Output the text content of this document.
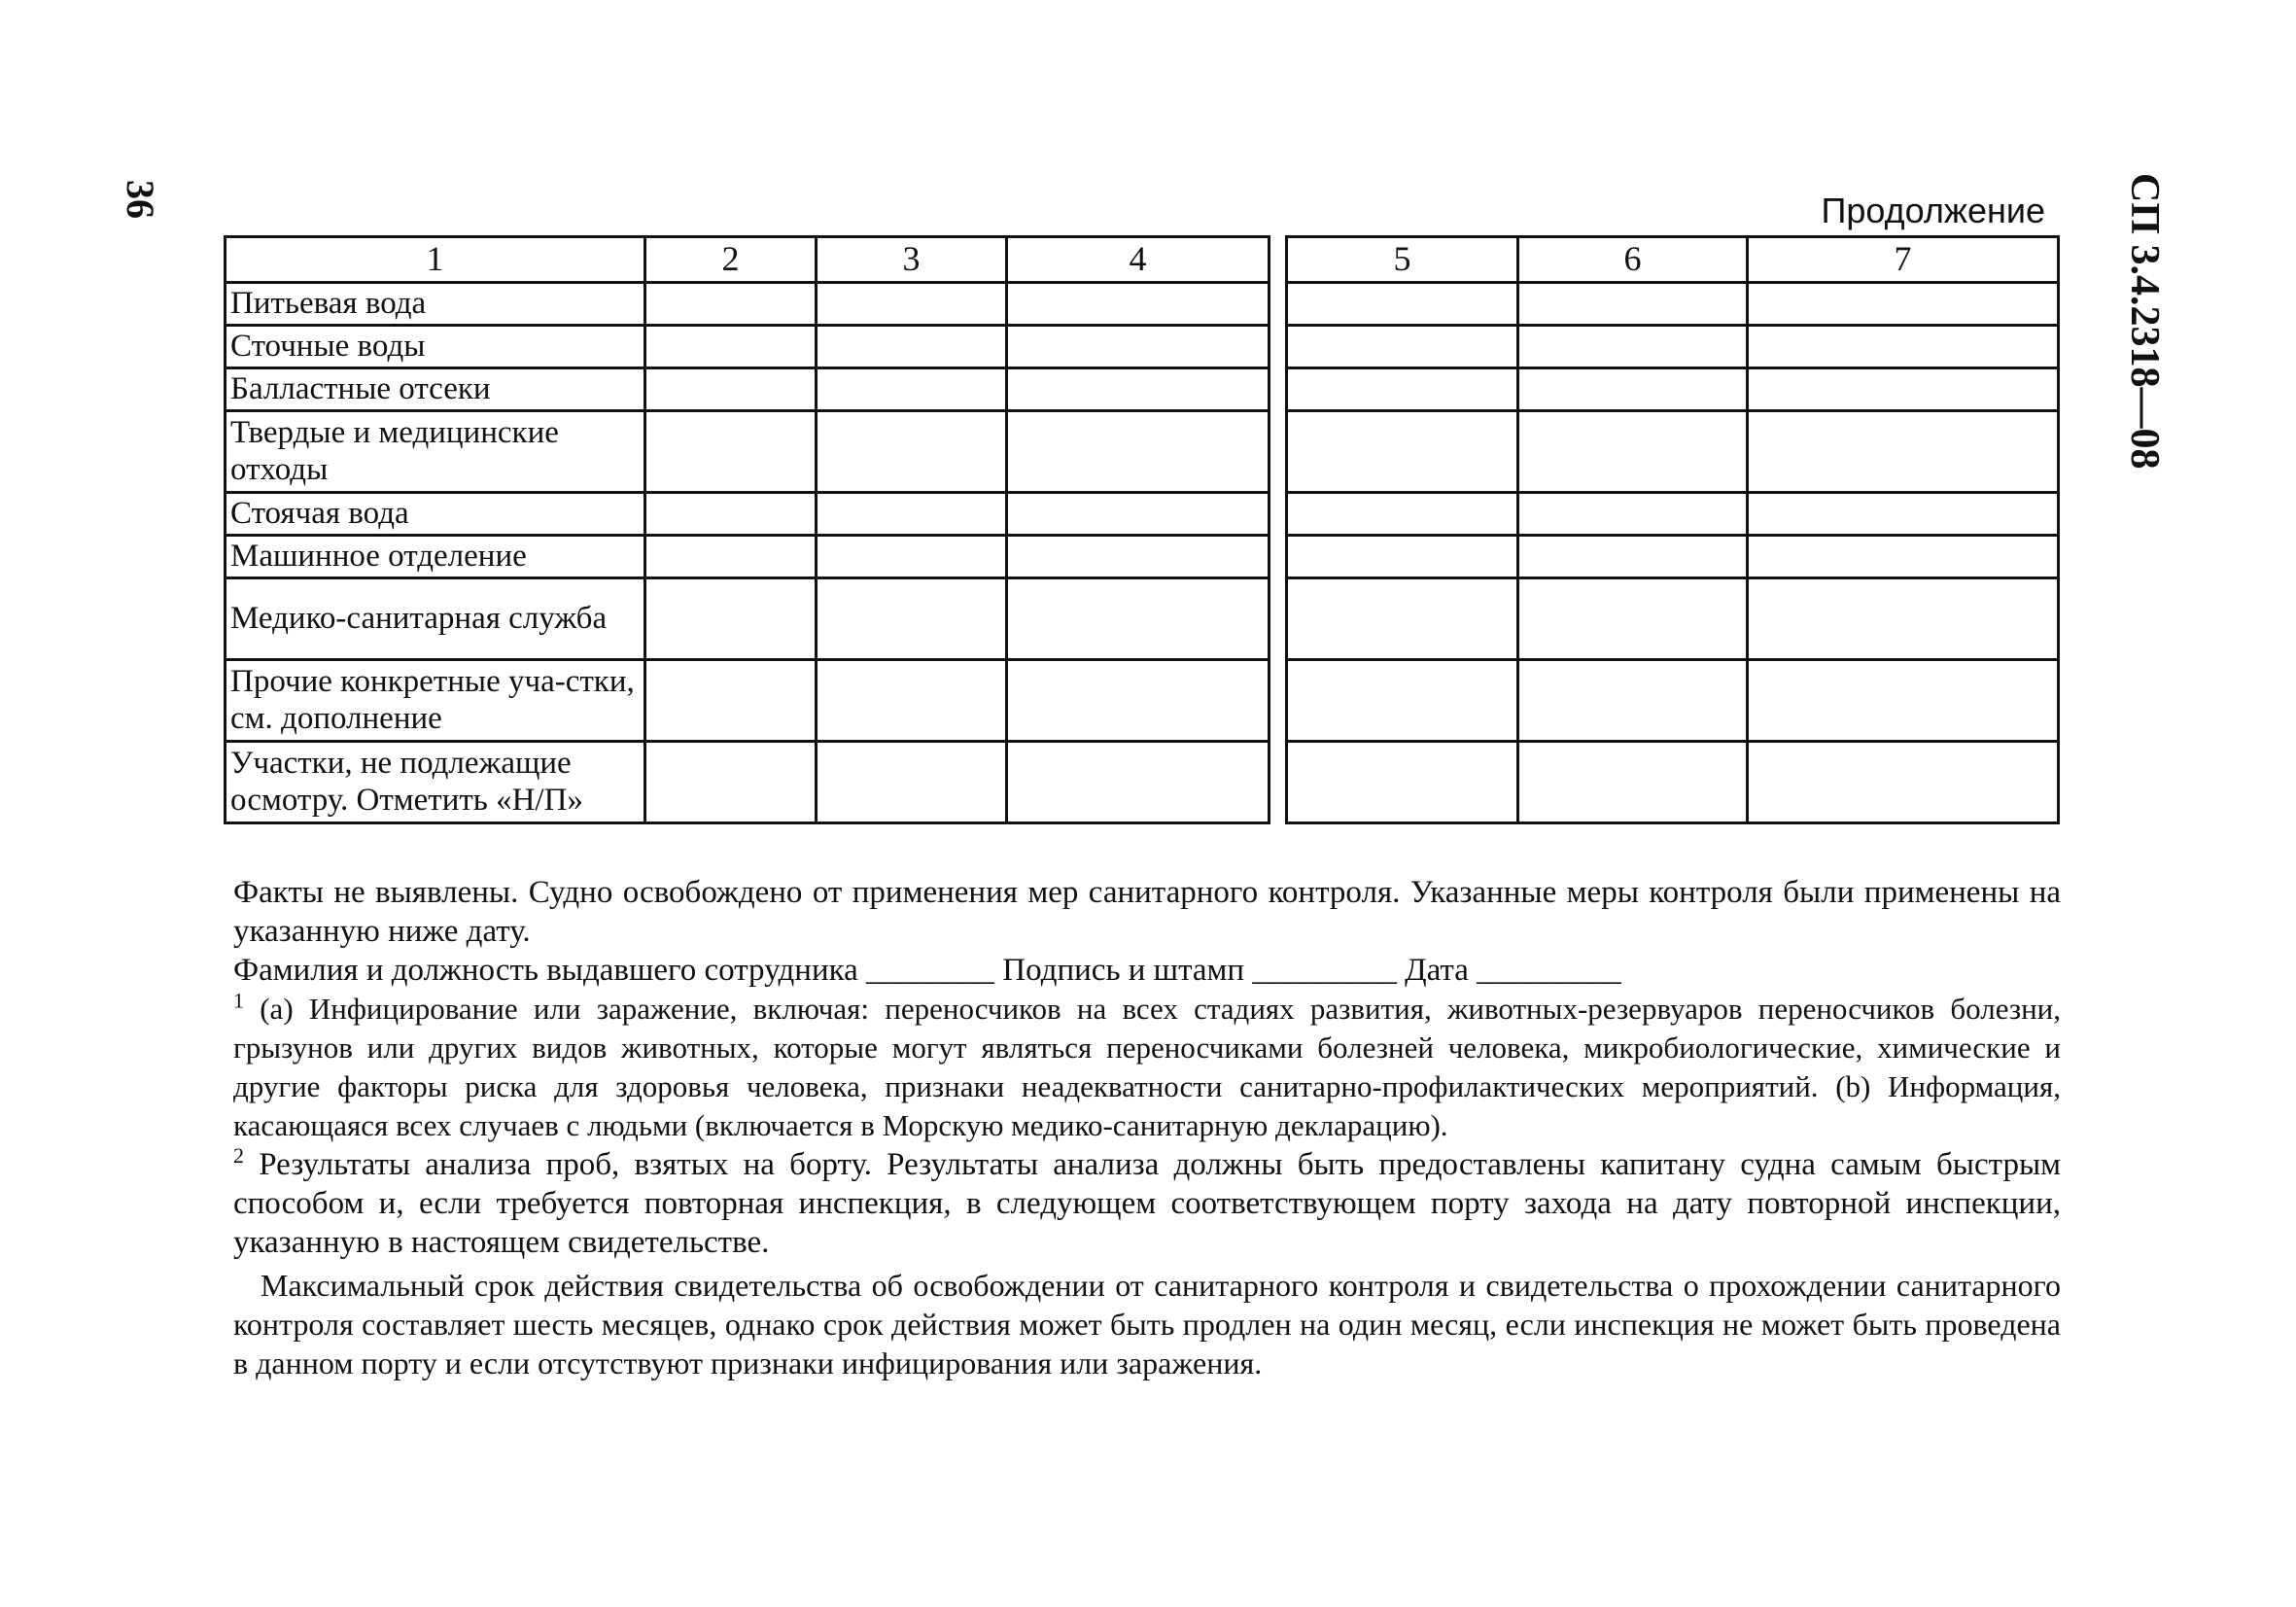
36	СП 3.4.2318—08
Продолжение
1	2	3	4		5	6	7
Питьевая вода							
Сточные воды							
Балластные отсеки							
Твердые и медицинские отходы							
Стоячая вода							
Машинное отделение							
Медико-санитарная служба							
Прочие конкретные уча-стки, см. дополнение							
Участки, не подлежащие осмотру. Отметить «Н/П»							

Факты не выявлены. Судно освобождено от применения мер санитарного контроля. Указанные меры контроля были применены на указанную ниже дату.

Фамилия и должность выдавшего сотрудника ________ Подпись и штамп _________ Дата _________

$^1$ (а) Инфицирование или заражение, включая: переносчиков на всех стадиях развития, животных-резервуаров переносчиков болезни, грызунов или других видов животных, которые могут являться переносчиками болезней человека, микробиологические, химические и другие факторы риска для здоровья человека, признаки неадекватности санитарно-профилактических мероприятий. (b) Информация, касающаяся всех случаев с людьми (включается в Морскую медико-санитарную декларацию).

$^2$ Результаты анализа проб, взятых на борту. Результаты анализа должны быть предоставлены капитану судна самым быстрым способом и, если требуется повторная инспекция, в следующем соответствующем порту захода на дату повторной инспекции, указанную в настоящем свидетельстве.

Максимальный срок действия свидетельства об освобождении от санитарного контроля и свидетельства о прохождении санитарного контроля составляет шесть месяцев, однако срок действия может быть продлен на один месяц, если инспекция не может быть проведена в данном порту и если отсутствуют признаки инфицирования или заражения.
